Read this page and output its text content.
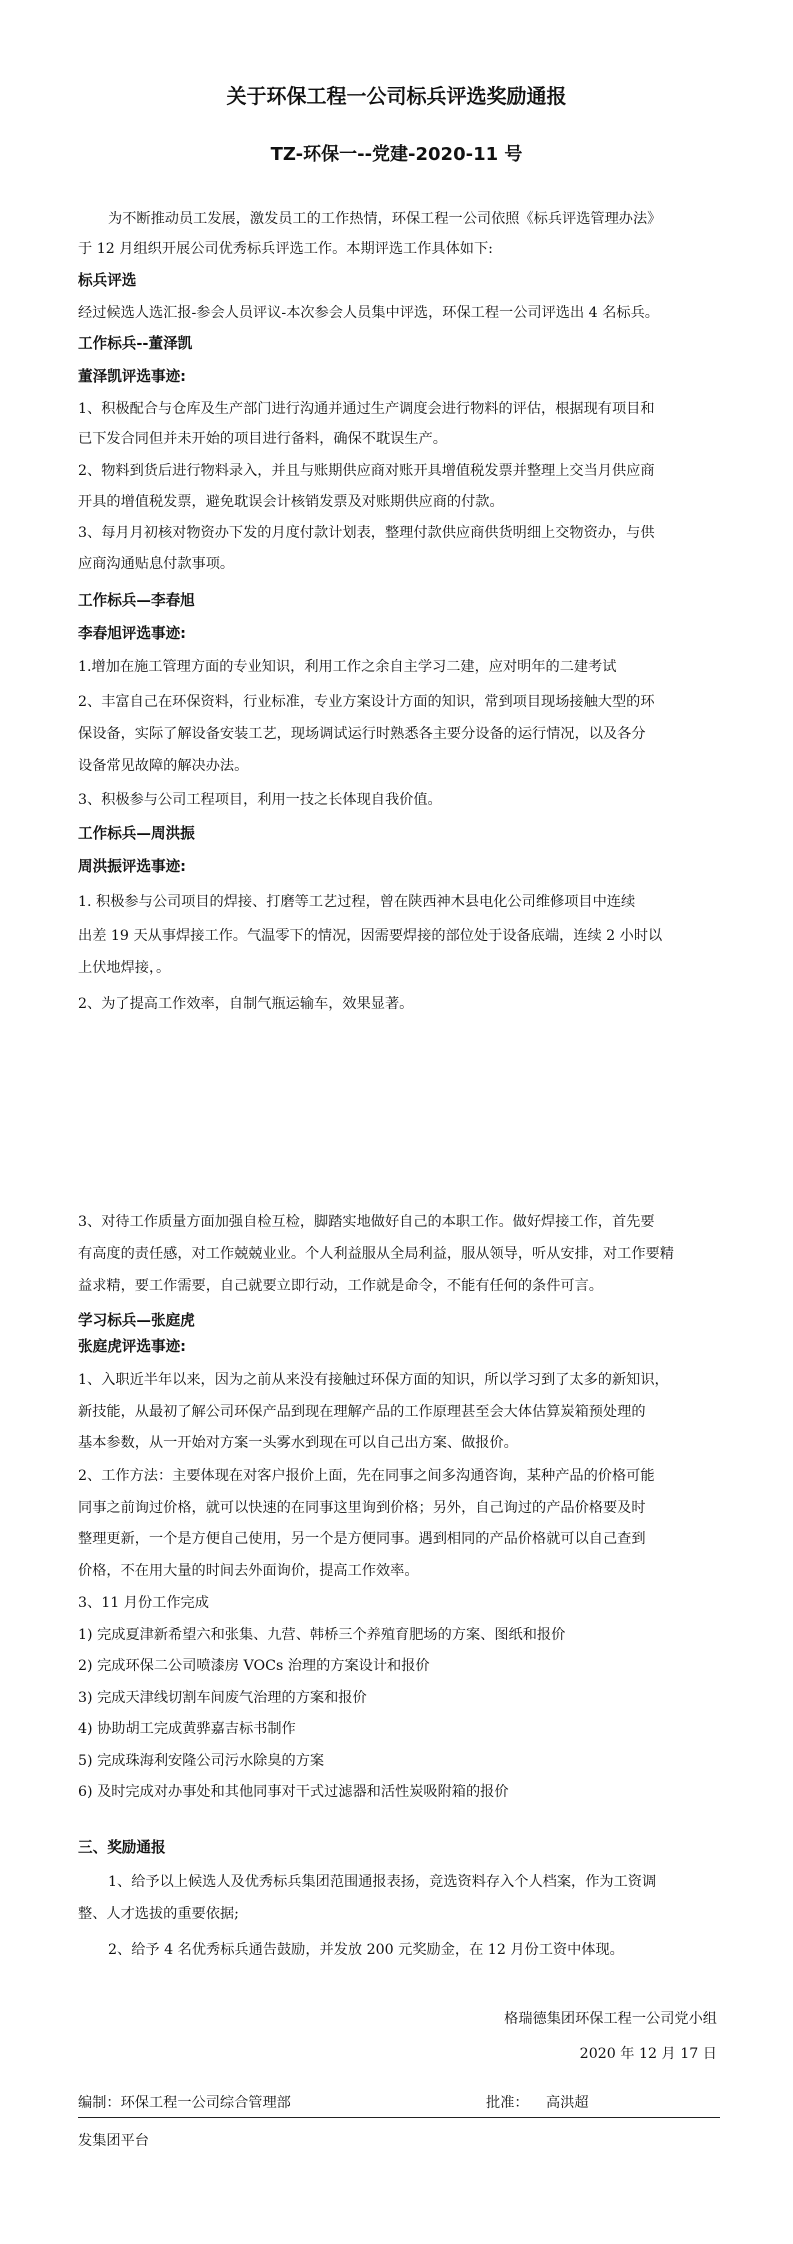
关于环保工程一公司标兵评选奖励通报
TZ-环保一--党建-2020-11 号
为不断推动员工发展，激发员工的工作热情，环保工程一公司依照《标兵评选管理办法》
于 12 月组织开展公司优秀标兵评选工作。本期评选工作具体如下:
标兵评选
经过候选人选汇报-参会人员评议-本次参会人员集中评选，环保工程一公司评选出 4 名标兵。
工作标兵--董泽凯
董泽凯评选事迹:
1、积极配合与仓库及生产部门进行沟通并通过生产调度会进行物料的评估，根据现有项目和
已下发合同但并未开始的项目进行备料，确保不耽误生产。
2、物料到货后进行物料录入，并且与账期供应商对账开具增值税发票并整理上交当月供应商
开具的增值税发票，避免耽误会计核销发票及对账期供应商的付款。
3、每月月初核对物资办下发的月度付款计划表，整理付款供应商供货明细上交物资办，与供
应商沟通贴息付款事项。
工作标兵—李春旭
李春旭评选事迹:
1.增加在施工管理方面的专业知识，利用工作之余自主学习二建，应对明年的二建考试
2、丰富自己在环保资料，行业标准，专业方案设计方面的知识，常到项目现场接触大型的环
保设备，实际了解设备安装工艺，现场调试运行时熟悉各主要分设备的运行情况，以及各分
设备常见故障的解决办法。
3、积极参与公司工程项目，利用一技之长体现自我价值。
工作标兵—周洪振
周洪振评选事迹:
1. 积极参与公司项目的焊接、打磨等工艺过程，曾在陕西神木县电化公司维修项目中连续
出差 19 天从事焊接工作。气温零下的情况，因需要焊接的部位处于设备底端，连续 2 小时以
上伏地焊接，。
2、为了提高工作效率，自制气瓶运输车，效果显著。
3、对待工作质量方面加强自检互检，脚踏实地做好自己的本职工作。做好焊接工作，首先要
有高度的责任感，对工作兢兢业业。个人利益服从全局利益，服从领导，听从安排，对工作要精
益求精，要工作需要，自己就要立即行动，工作就是命令，不能有任何的条件可言。
学习标兵—张庭虎
张庭虎评选事迹:
1、入职近半年以来，因为之前从来没有接触过环保方面的知识，所以学习到了太多的新知识，
新技能，从最初了解公司环保产品到现在理解产品的工作原理甚至会大体估算炭箱预处理的
基本参数，从一开始对方案一头雾水到现在可以自己出方案、做报价。
2、工作方法：主要体现在对客户报价上面，先在同事之间多沟通咨询，某种产品的价格可能
同事之前询过价格，就可以快速的在同事这里询到价格；另外，自己询过的产品价格要及时
整理更新，一个是方便自己使用，另一个是方便同事。遇到相同的产品价格就可以自己查到
价格，不在用大量的时间去外面询价，提高工作效率。
3、11 月份工作完成
1) 完成夏津新希望六和张集、九营、韩桥三个养殖育肥场的方案、图纸和报价
2) 完成环保二公司喷漆房 VOCs 治理的方案设计和报价
3) 完成天津线切割车间废气治理的方案和报价
4) 协助胡工完成黄骅嘉吉标书制作
5) 完成珠海利安隆公司污水除臭的方案
6) 及时完成对办事处和其他同事对干式过滤器和活性炭吸附箱的报价
三、奖励通报
1、给予以上候选人及优秀标兵集团范围通报表扬，竞选资料存入个人档案，作为工资调
整、人才选拔的重要依据;
2、给予 4 名优秀标兵通告鼓励，并发放 200 元奖励金，在 12 月份工资中体现。
格瑞德集团环保工程一公司党小组
2020 年 12 月 17 日
编制：环保工程一公司综合管理部	批准：	高洪超
发集团平台
